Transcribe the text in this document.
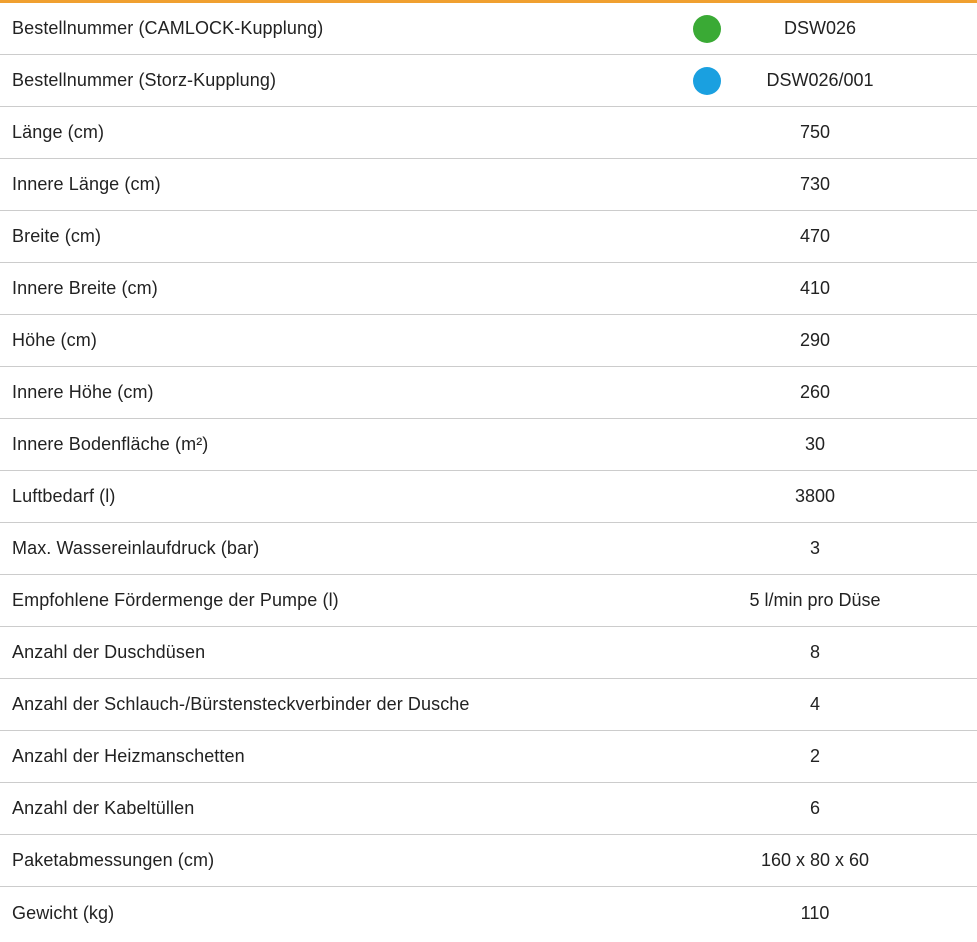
Bestellnummer (CAMLOCK-Kupplung)	DSW026
Bestellnummer (Storz-Kupplung)	DSW026/001
Länge (cm)	750
Innere Länge (cm)	730
Breite (cm)	470
Innere Breite (cm)	410
Höhe (cm)	290
Innere Höhe (cm)	260
Innere Bodenfläche (m²)	30
Luftbedarf (l)	3800
Max. Wassereinlaufdruck (bar)	3
Empfohlene Fördermenge der Pumpe (l)	5 l/min pro Düse
Anzahl der Duschdüsen	8
Anzahl der Schlauch-/Bürstensteckverbinder der Dusche	4
Anzahl der Heizmanschetten	2
Anzahl der Kabeltüllen	6
Paketabmessungen (cm)	160 x 80 x 60
Gewicht (kg)	110
